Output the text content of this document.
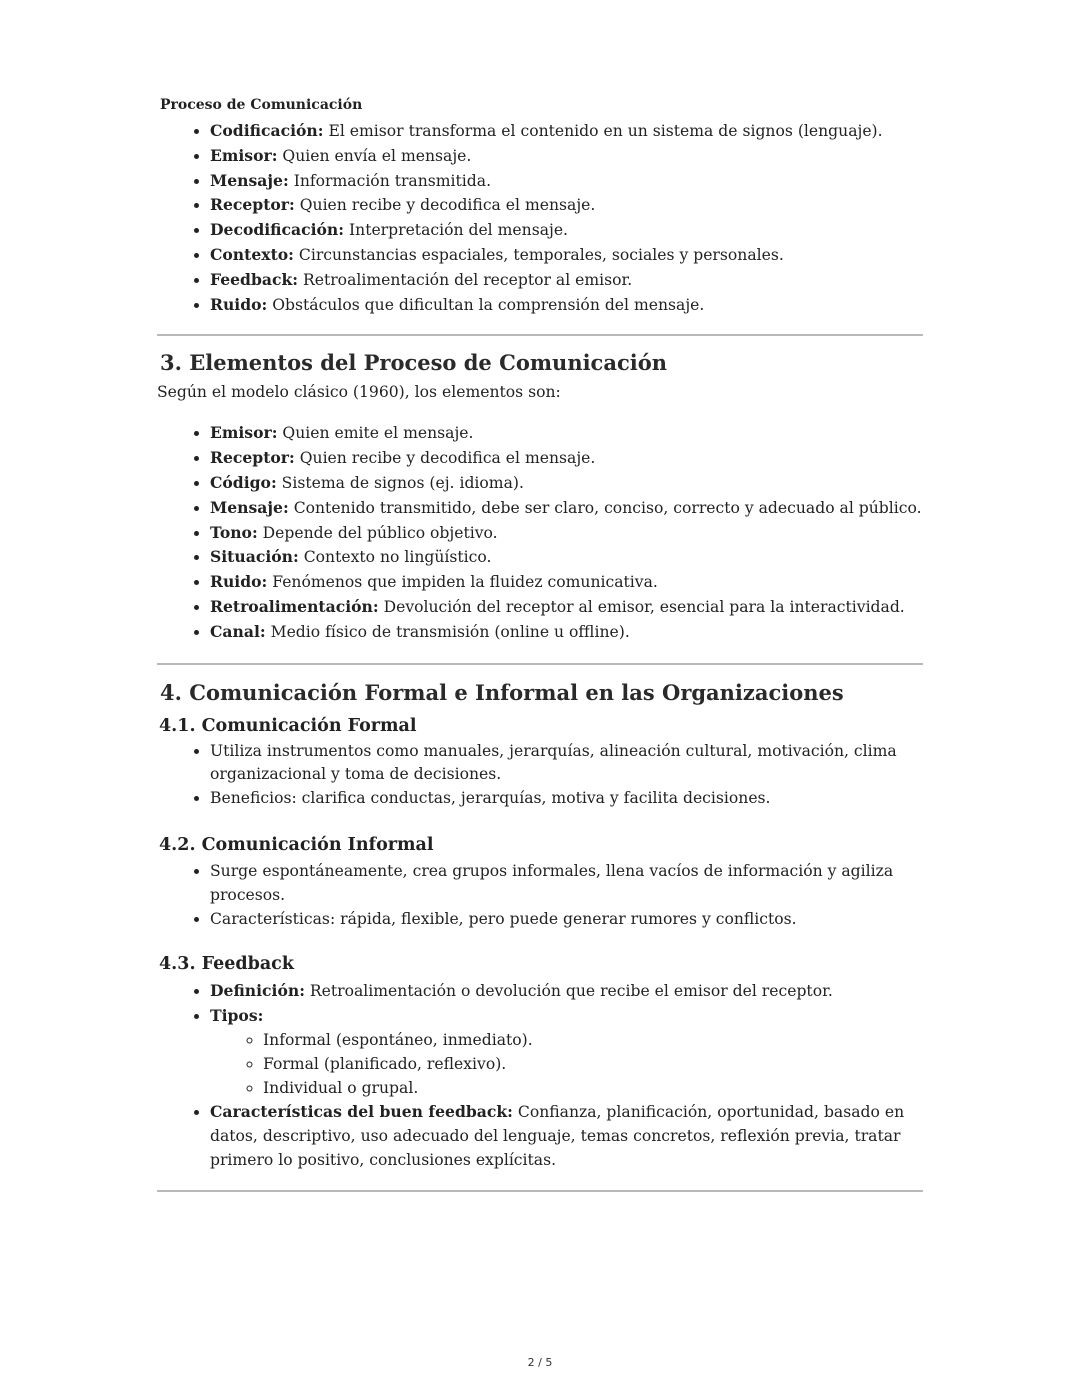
Proceso de Comunicación
• Codificación: El emisor transforma el contenido en un sistema de signos (lenguaje).
• Emisor: Quien envía el mensaje.
• Mensaje: Información transmitida.
• Receptor: Quien recibe y decodifica el mensaje.
• Decodificación: Interpretación del mensaje.
• Contexto: Circunstancias espaciales, temporales, sociales y personales.
• Feedback: Retroalimentación del receptor al emisor.
• Ruido: Obstáculos que dificultan la comprensión del mensaje.
3. Elementos del Proceso de Comunicación

Según el modelo clásico (1960), los elementos son:

• Emisor: Quien emite el mensaje.
• Receptor: Quien recibe y decodifica el mensaje.
• Código: Sistema de signos (ej. idioma).
• Mensaje: Contenido transmitido, debe ser claro, conciso, correcto y adecuado al público.
• Tono: Depende del público objetivo.
• Situación: Contexto no lingüístico.
• Ruido: Fenómenos que impiden la fluidez comunicativa.
• Retroalimentación: Devolución del receptor al emisor, esencial para la interactividad.
• Canal: Medio físico de transmisión (online u offline).
4. Comunicación Formal e Informal en las Organizaciones
4.1. Comunicación Formal
• Utiliza instrumentos como manuales, jerarquías, alineación cultural, motivación, clima organizacional y toma de decisiones.
• Beneficios: clarifica conductas, jerarquías, motiva y facilita decisiones.
4.2. Comunicación Informal
• Surge espontáneamente, crea grupos informales, llena vacíos de información y agiliza procesos.
• Características: rápida, flexible, pero puede generar rumores y conflictos.
4.3. Feedback
• Definición: Retroalimentación o devolución que recibe el emisor del receptor.
• Tipos:
◦ Informal (espontáneo, inmediato).
◦ Formal (planificado, reflexivo).
◦ Individual o grupal.
• Características del buen feedback: Confianza, planificación, oportunidad, basado en datos, descriptivo, uso adecuado del lenguaje, temas concretos, reflexión previa, tratar primero lo positivo, conclusiones explícitas.
2 / 5
